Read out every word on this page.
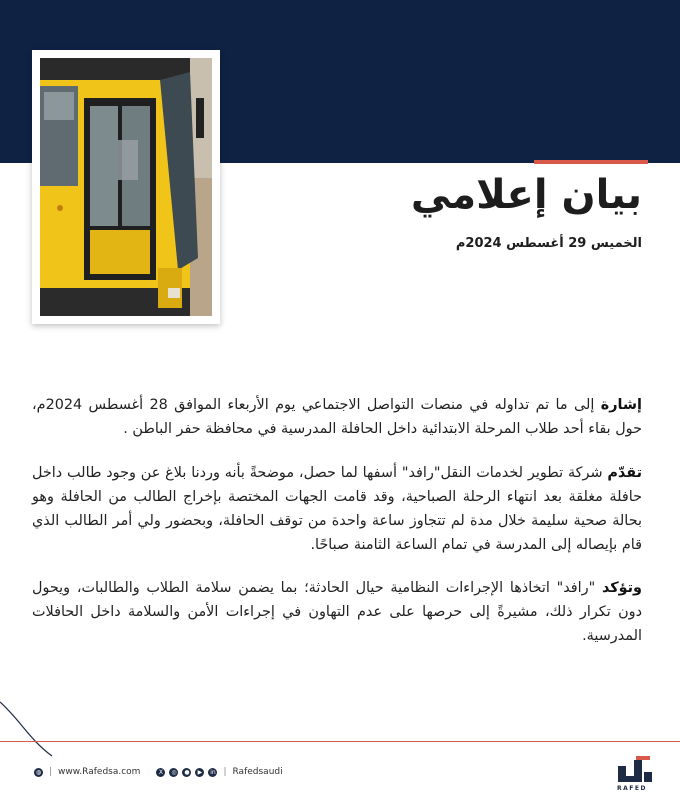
بيان إعلامي
الخميس 29 أغسطس 2024م
إشارة إلى ما تم تداوله في منصات التواصل الاجتماعي يوم الأربعاء الموافق 28 أغسطس 2024م، حول بقاء أحد طلاب المرحلة الابتدائية داخل الحافلة المدرسية في محافظة حفر الباطن .
تقدّم شركة تطوير لخدمات النقل"رافد" أسفها لما حصل، موضحةً بأنه وردنا بلاغ عن وجود طالب داخل حافلة مغلقة بعد انتهاء الرحلة الصباحية، وقد قامت الجهات المختصة بإخراج الطالب من الحافلة وهو بحالة صحية سليمة خلال مدة لم تتجاوز ساعة واحدة من توقف الحافلة، وبحضور ولي أمر الطالب الذي قام بإيصاله إلى المدرسة في تمام الساعة الثامنة صباحًا.
وتؤكد "رافد" اتخاذها الإجراءات النظامية حيال الحادثة؛ بما يضمن سلامة الطلاب والطالبات، ويحول دون تكرار ذلك، مشيرةً إلى حرصها على عدم التهاون في إجراءات الأمن والسلامة داخل الحافلات المدرسية.
◍ | www.Rafedsa.com	X	◎	●	▶	in | Rafedsaudi
RAFED
